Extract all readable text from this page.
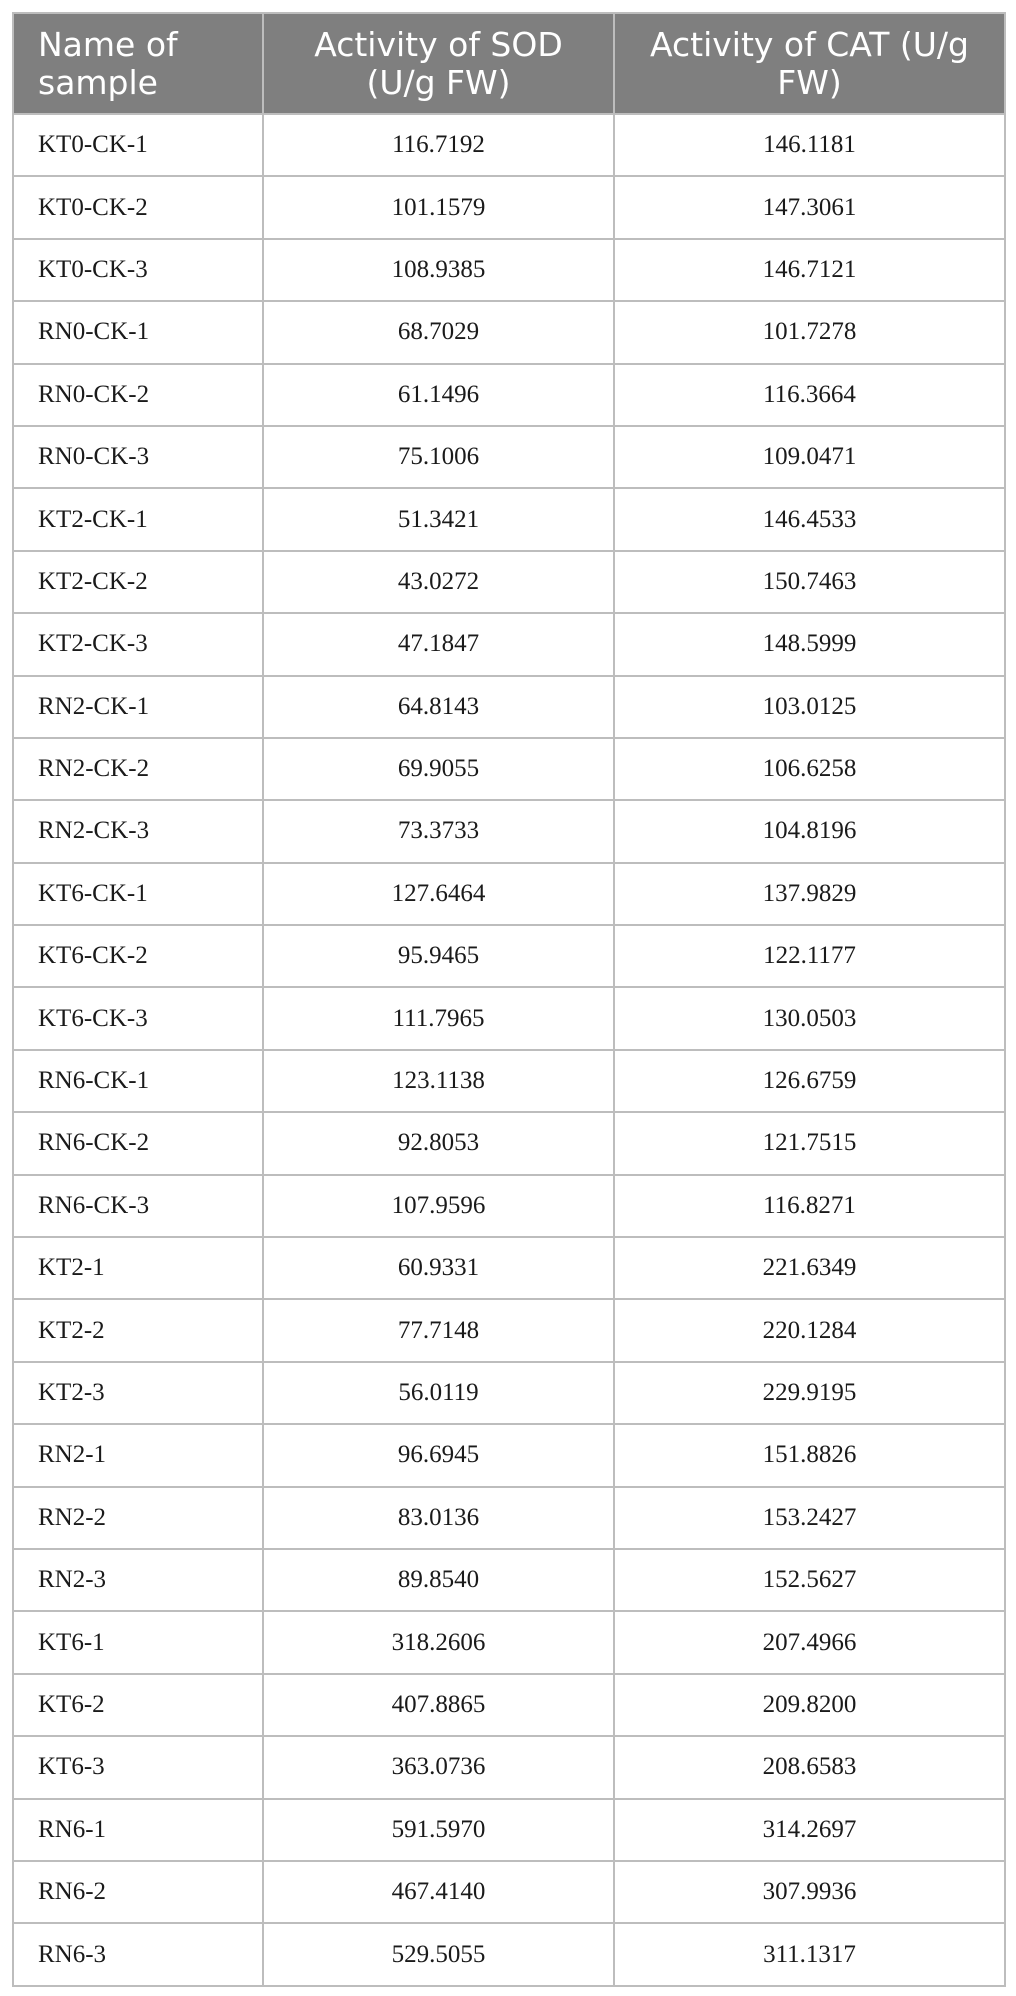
Name of sample	Activity of SOD (U/g FW)	Activity of CAT (U/g FW)
KT0-CK-1	116.7192	146.1181
KT0-CK-2	101.1579	147.3061
KT0-CK-3	108.9385	146.7121
RN0-CK-1	68.7029	101.7278
RN0-CK-2	61.1496	116.3664
RN0-CK-3	75.1006	109.0471
KT2-CK-1	51.3421	146.4533
KT2-CK-2	43.0272	150.7463
KT2-CK-3	47.1847	148.5999
RN2-CK-1	64.8143	103.0125
RN2-CK-2	69.9055	106.6258
RN2-CK-3	73.3733	104.8196
KT6-CK-1	127.6464	137.9829
KT6-CK-2	95.9465	122.1177
KT6-CK-3	111.7965	130.0503
RN6-CK-1	123.1138	126.6759
RN6-CK-2	92.8053	121.7515
RN6-CK-3	107.9596	116.8271
KT2-1	60.9331	221.6349
KT2-2	77.7148	220.1284
KT2-3	56.0119	229.9195
RN2-1	96.6945	151.8826
RN2-2	83.0136	153.2427
RN2-3	89.8540	152.5627
KT6-1	318.2606	207.4966
KT6-2	407.8865	209.8200
KT6-3	363.0736	208.6583
RN6-1	591.5970	314.2697
RN6-2	467.4140	307.9936
RN6-3	529.5055	311.1317
